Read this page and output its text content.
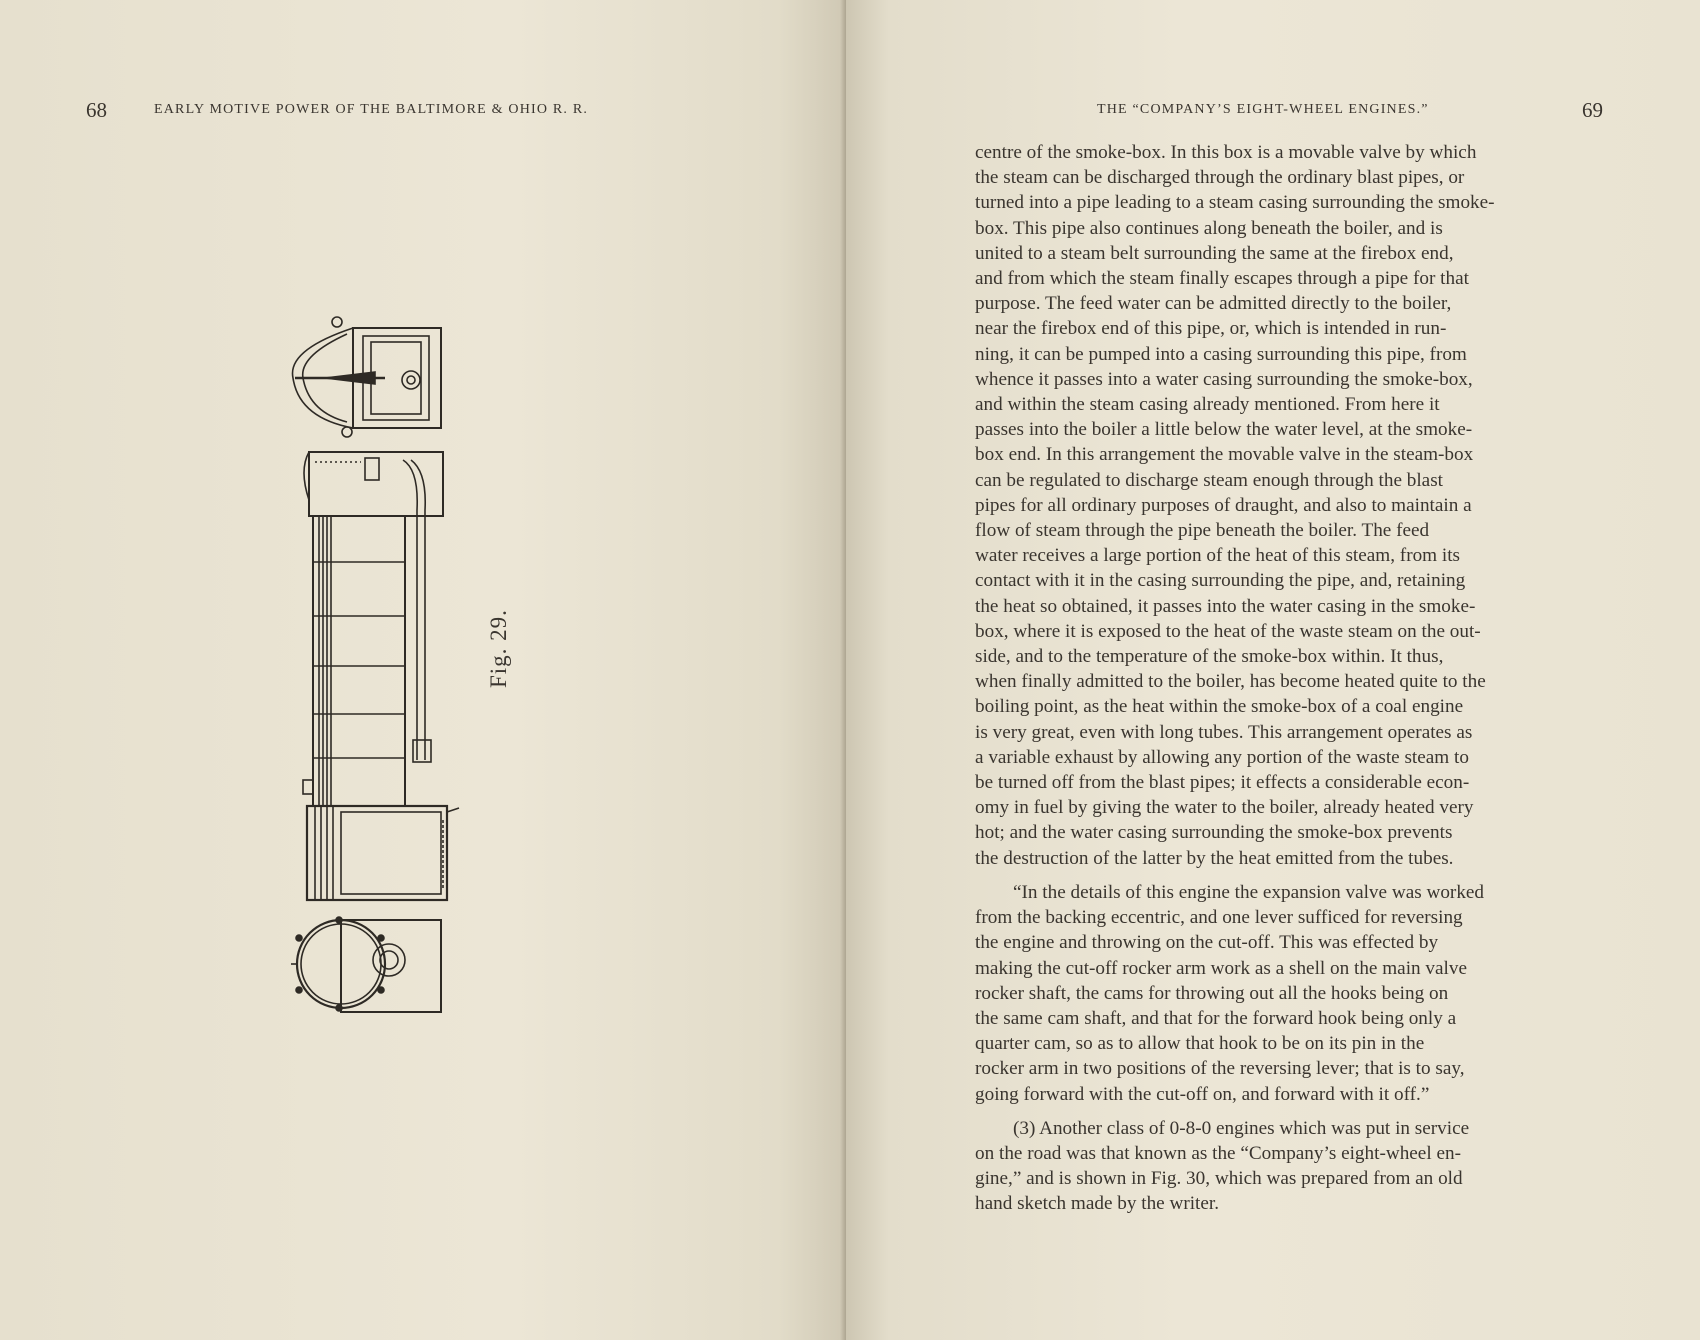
68	EARLY MOTIVE POWER OF THE BALTIMORE & OHIO R. R.
Fig. 29.
THE “COMPANY’S EIGHT-WHEEL ENGINES.”	69

centre of the smoke-box. In this box is a movable valve by which
the steam can be discharged through the ordinary blast pipes, or
turned into a pipe leading to a steam casing surrounding the smoke-
box. This pipe also continues along beneath the boiler, and is
united to a steam belt surrounding the same at the firebox end,
and from which the steam finally escapes through a pipe for that
purpose. The feed water can be admitted directly to the boiler,
near the firebox end of this pipe, or, which is intended in run-
ning, it can be pumped into a casing surrounding this pipe, from
whence it passes into a water casing surrounding the smoke-box,
and within the steam casing already mentioned. From here it
passes into the boiler a little below the water level, at the smoke-
box end. In this arrangement the movable valve in the steam-box
can be regulated to discharge steam enough through the blast
pipes for all ordinary purposes of draught, and also to maintain a
flow of steam through the pipe beneath the boiler. The feed
water receives a large portion of the heat of this steam, from its
contact with it in the casing surrounding the pipe, and, retaining
the heat so obtained, it passes into the water casing in the smoke-
box, where it is exposed to the heat of the waste steam on the out-
side, and to the temperature of the smoke-box within. It thus,
when finally admitted to the boiler, has become heated quite to the
boiling point, as the heat within the smoke-box of a coal engine
is very great, even with long tubes. This arrangement operates as
a variable exhaust by allowing any portion of the waste steam to
be turned off from the blast pipes; it effects a considerable econ-
omy in fuel by giving the water to the boiler, already heated very
hot; and the water casing surrounding the smoke-box prevents
the destruction of the latter by the heat emitted from the tubes.

“In the details of this engine the expansion valve was worked
from the backing eccentric, and one lever sufficed for reversing
the engine and throwing on the cut-off. This was effected by
making the cut-off rocker arm work as a shell on the main valve
rocker shaft, the cams for throwing out all the hooks being on
the same cam shaft, and that for the forward hook being only a
quarter cam, so as to allow that hook to be on its pin in the
rocker arm in two positions of the reversing lever; that is to say,
going forward with the cut-off on, and forward with it off.”

(3) Another class of 0-8-0 engines which was put in service
on the road was that known as the “Company’s eight-wheel en-
gine,” and is shown in Fig. 30, which was prepared from an old
hand sketch made by the writer.
